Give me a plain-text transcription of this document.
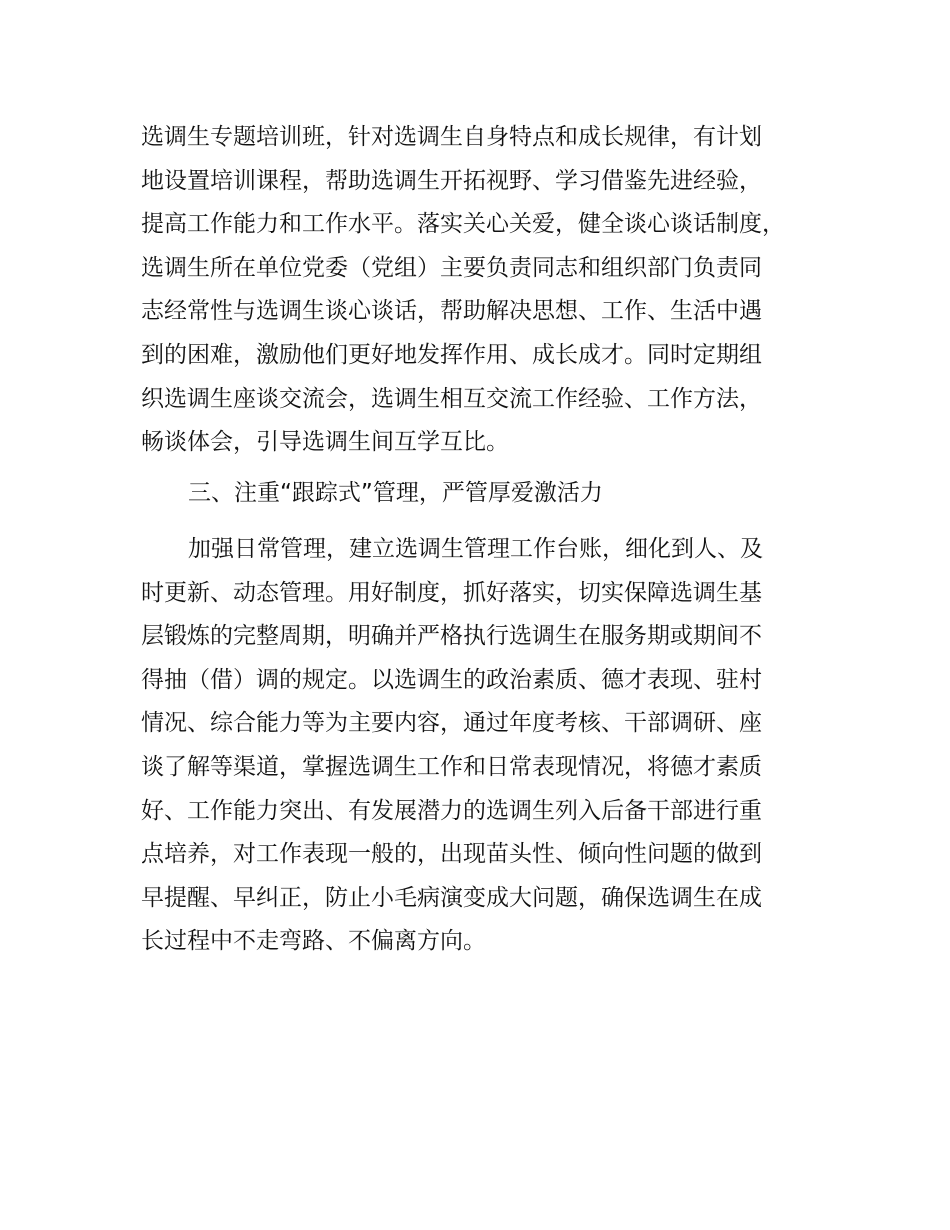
选调生专题培训班，针对选调生自身特点和成长规律，有计划
地设置培训课程，帮助选调生开拓视野、学习借鉴先进经验，
提高工作能力和工作水平。落实关心关爱，健全谈心谈话制度，
选调生所在单位党委（党组）主要负责同志和组织部门负责同
志经常性与选调生谈心谈话，帮助解决思想、工作、生活中遇
到的困难，激励他们更好地发挥作用、成长成才。同时定期组
织选调生座谈交流会，选调生相互交流工作经验、工作方法，
畅谈体会，引导选调生间互学互比。
三、注重“跟踪式”管理，严管厚爱激活力
加强日常管理，建立选调生管理工作台账，细化到人、及
时更新、动态管理。用好制度，抓好落实，切实保障选调生基
层锻炼的完整周期，明确并严格执行选调生在服务期或期间不
得抽（借）调的规定。以选调生的政治素质、德才表现、驻村
情况、综合能力等为主要内容，通过年度考核、干部调研、座
谈了解等渠道，掌握选调生工作和日常表现情况，将德才素质
好、工作能力突出、有发展潜力的选调生列入后备干部进行重
点培养，对工作表现一般的，出现苗头性、倾向性问题的做到
早提醒、早纠正，防止小毛病演变成大问题，确保选调生在成
长过程中不走弯路、不偏离方向。
